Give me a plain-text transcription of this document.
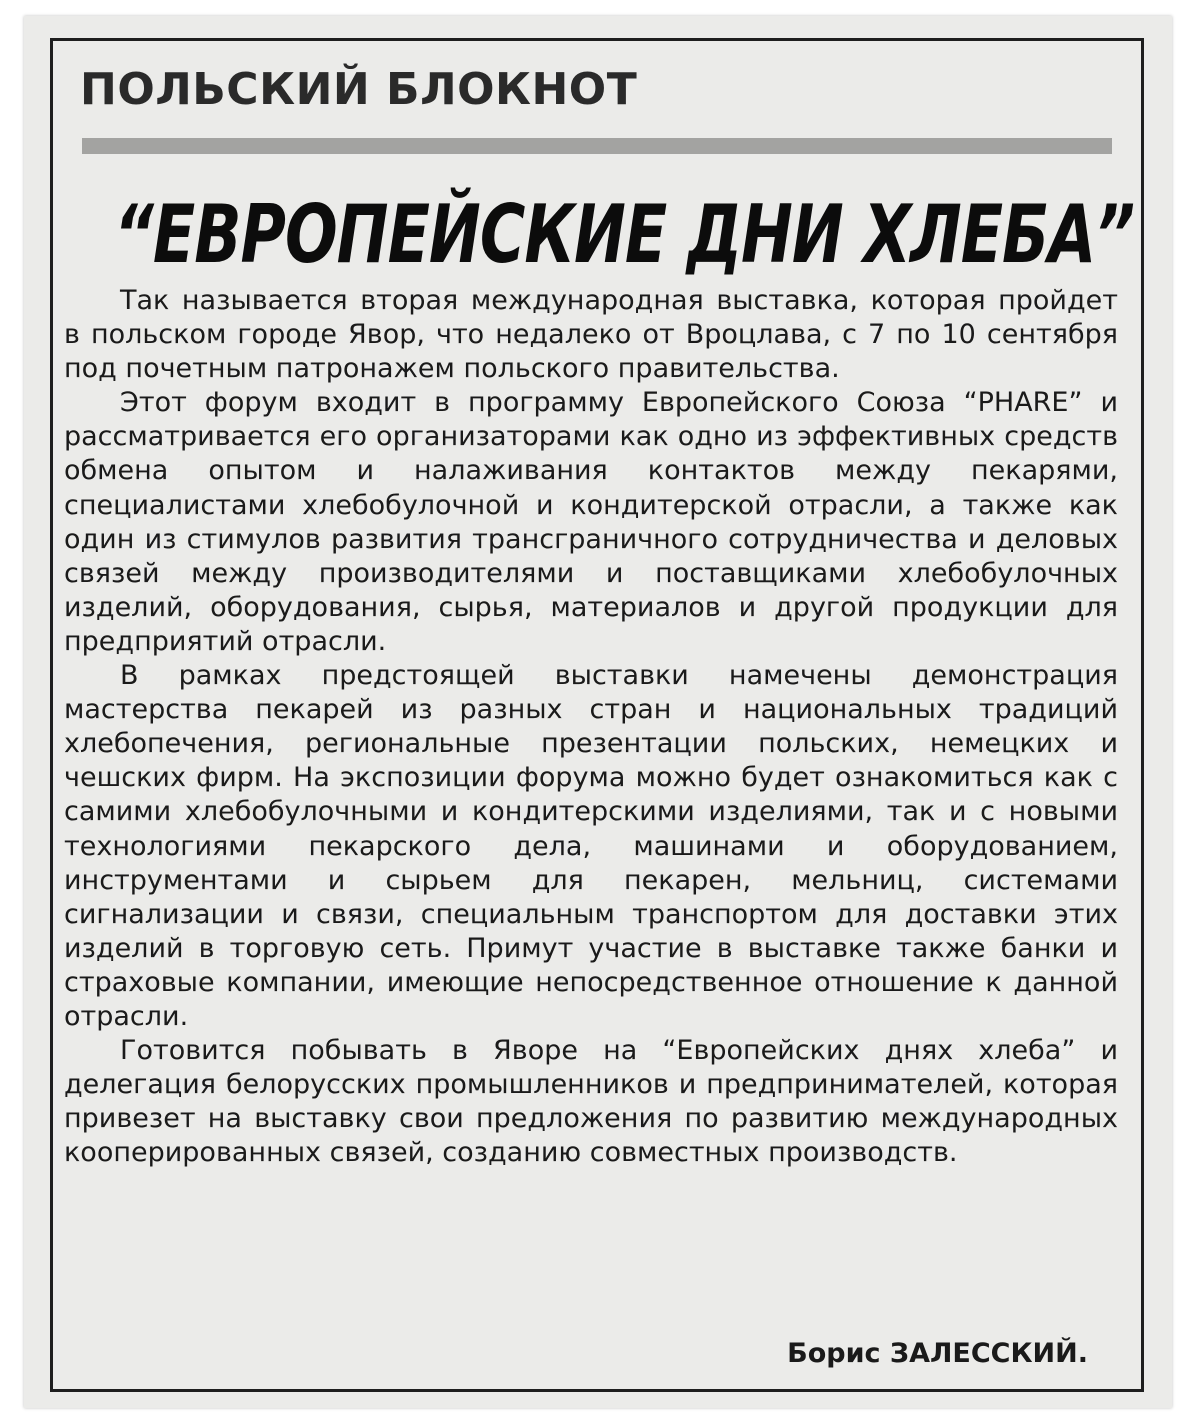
ПОЛЬСКИЙ БЛОКНОТ
“ЕВРОПЕЙСКИЕ ДНИ ХЛЕБА”

Так называется вторая международная выставка, которая пройдет в польском городе Явор, что недалеко от Вроцлава, с 7 по 10 сентября под почетным патронажем польского правительства.

Этот форум входит в программу Европейского Союза “PHARE” и рассматривается его организаторами как одно из эффективных средств обмена опытом и налаживания контактов между пекарями, специалистами хлебобулочной и кондитерской отрасли, а также как один из стимулов развития трансграничного сотрудничества и деловых связей между производителями и поставщиками хлебобулочных изделий, оборудования, сырья, материалов и другой продукции для предприятий отрасли.

В рамках предстоящей выставки намечены демонстрация мастерства пекарей из разных стран и национальных традиций хлебопечения, региональные презентации польских, немецких и чешских фирм. На экспозиции форума можно будет ознакомиться как с самими хлебобулочными и кондитерскими изделиями, так и с новыми технологиями пекарского дела, машинами и оборудованием, инструментами и сырьем для пекарен, мельниц, системами сигнализации и связи, специальным транспортом для доставки этих изделий в торговую сеть. Примут участие в выставке также банки и страховые компании, имеющие непосредственное отношение к данной отрасли.

Готовится побывать в Яворе на “Европейских днях хлеба” и делегация белорусских промышленников и предпринимателей, которая привезет на выставку свои предложения по развитию международных кооперированных связей, созданию совместных производств.

Борис ЗАЛЕССКИЙ.
